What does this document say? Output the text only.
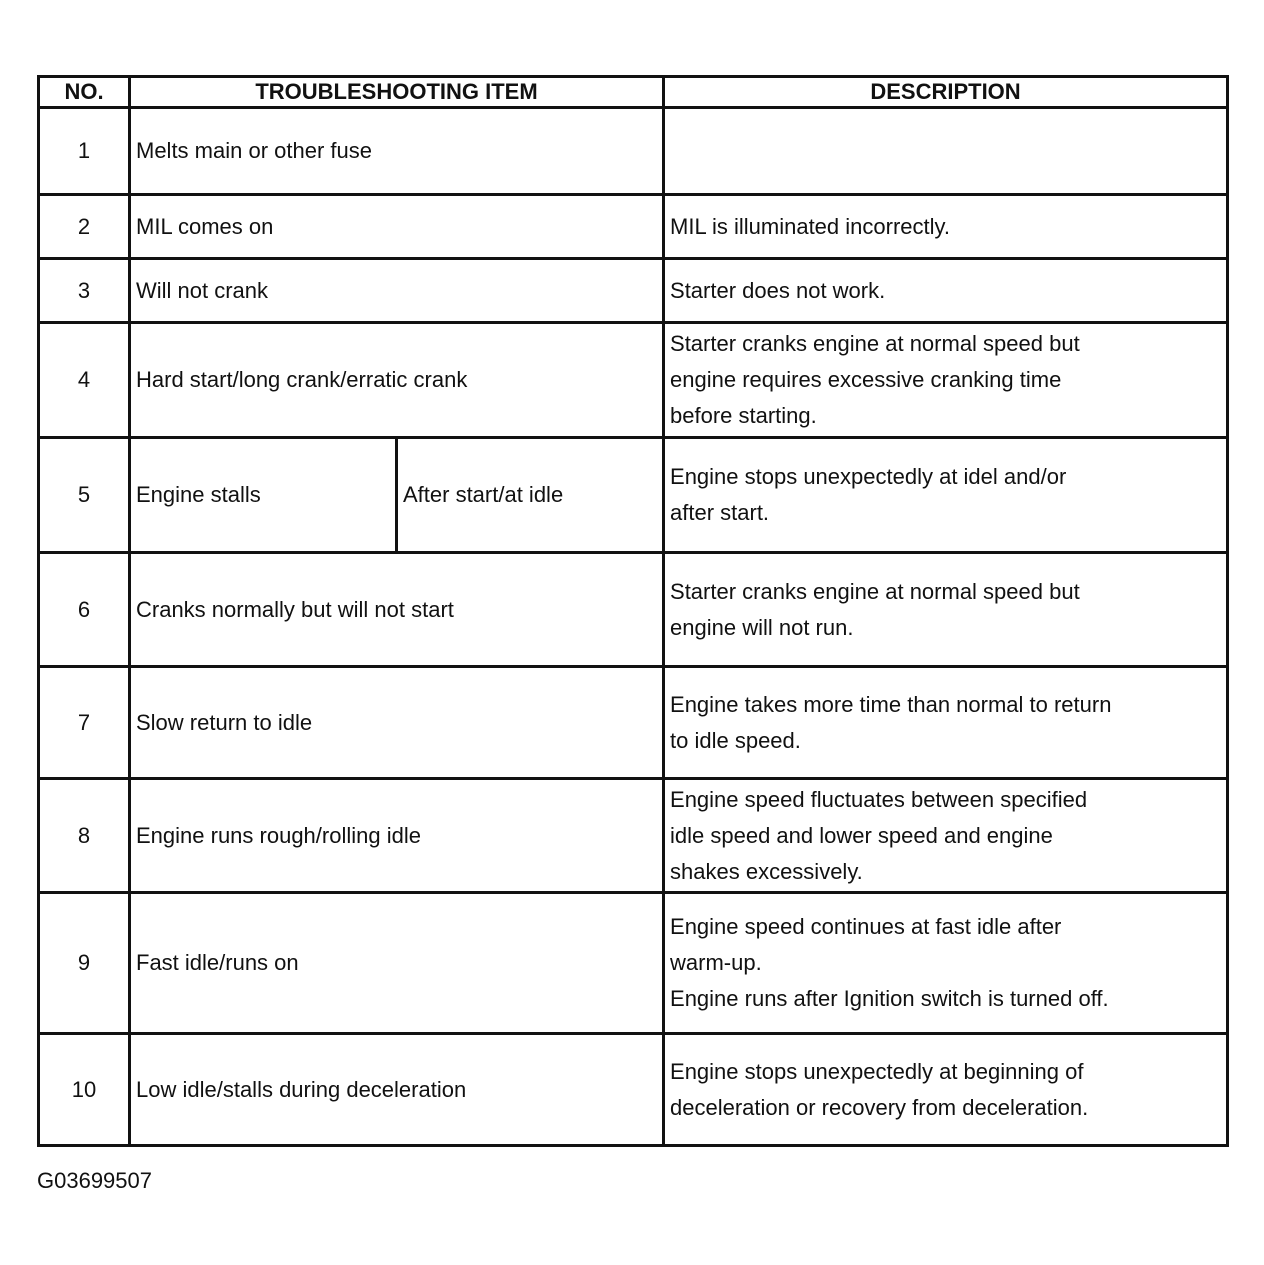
NO.	TROUBLESHOOTING ITEM		DESCRIPTION
1	Melts main or other fuse		
2	MIL comes on		MIL is illuminated incorrectly.

3	Will not crank		Starter does not work.

4	Hard start/long crank/erratic crank		Starter cranks engine at normal speed but
engine requires excessive cranking time
before starting.

5	Engine stalls	After start/at idle	Engine stops unexpectedly at idel and/or
after start.

6	Cranks normally but will not start		Starter cranks engine at normal speed but
engine will not run.

7	Slow return to idle		Engine takes more time than normal to return
to idle speed.

8	Engine runs rough/rolling idle		Engine speed fluctuates between specified
idle speed and lower speed and engine
shakes excessively.

9	Fast idle/runs on		Engine speed continues at fast idle after
warm-up.
Engine runs after Ignition switch is turned off.

10	Low idle/stalls during deceleration		Engine stops unexpectedly at beginning of
deceleration or recovery from deceleration.
G03699507
